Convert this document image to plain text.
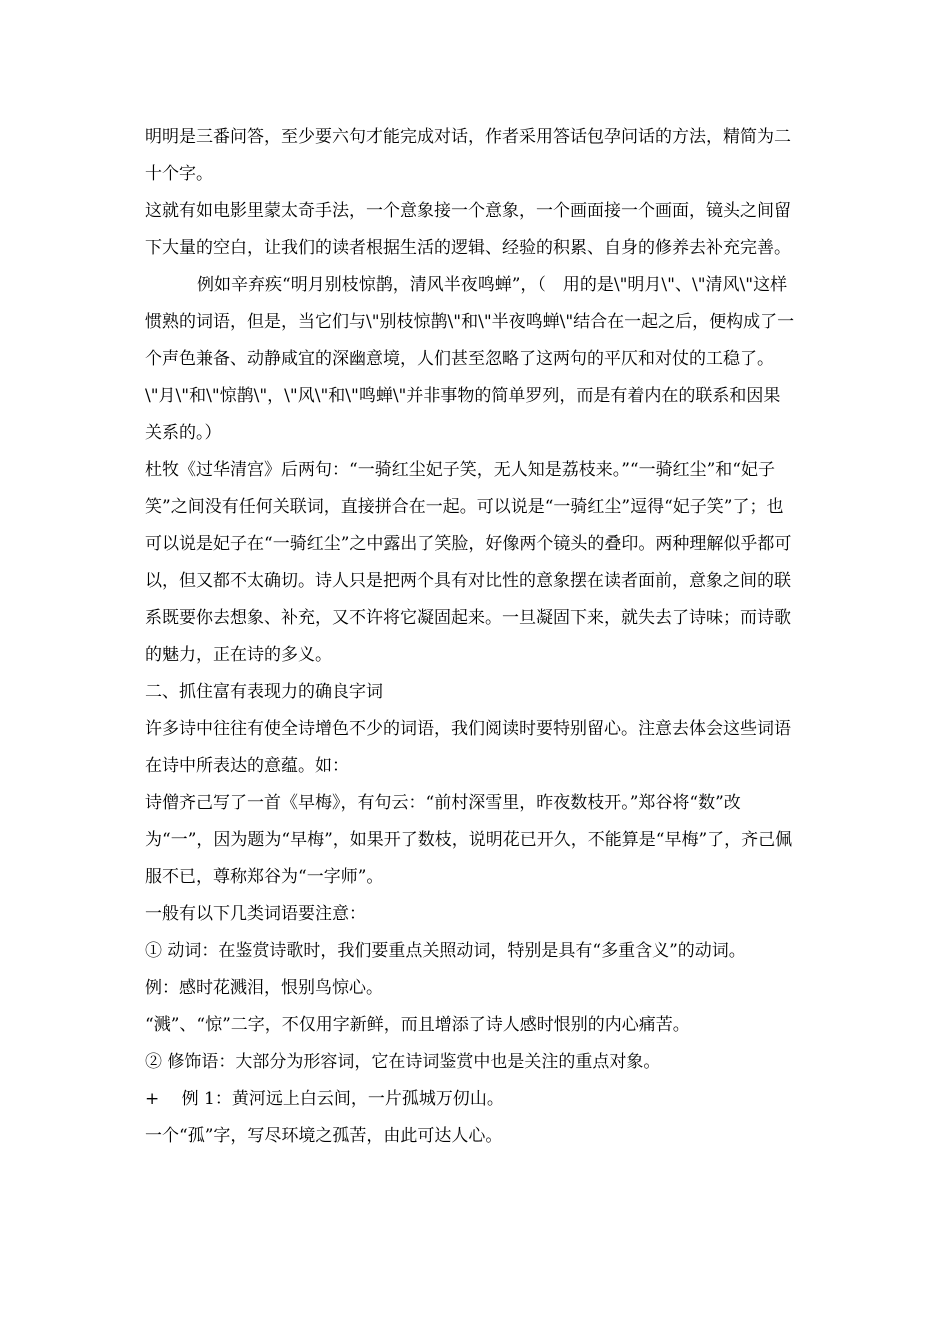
明明是三番问答，至少要六句才能完成对话，作者采用答话包孕问话的方法，精简为二十个字。

这就有如电影里蒙太奇手法，一个意象接一个意象，一个画面接一个画面，镜头之间留下大量的空白，让我们的读者根据生活的逻辑、经验的积累、自身的修养去补充完善。

例如辛弃疾“明月别枝惊鹊，清风半夜鸣蝉”，（　用的是\"明月\"、\"清风\"这样惯熟的词语，但是，当它们与\"别枝惊鹊\"和\"半夜鸣蝉\"结合在一起之后，便构成了一个声色兼备、动静咸宜的深幽意境，人们甚至忽略了这两句的平仄和对仗的工稳了。\"月\"和\"惊鹊\"，\"风\"和\"鸣蝉\"并非事物的简单罗列，而是有着内在的联系和因果关系的。）

杜牧《过华清宫》后两句：“一骑红尘妃子笑，无人知是荔枝来。”“一骑红尘”和“妃子笑”之间没有任何关联词，直接拼合在一起。可以说是“一骑红尘”逗得“妃子笑”了；也可以说是妃子在“一骑红尘”之中露出了笑脸，好像两个镜头的叠印。两种理解似乎都可以，但又都不太确切。诗人只是把两个具有对比性的意象摆在读者面前，意象之间的联系既要你去想象、补充，又不许将它凝固起来。一旦凝固下来，就失去了诗味；而诗歌的魅力，正在诗的多义。

二、抓住富有表现力的确良字词

许多诗中往往有使全诗增色不少的词语，我们阅读时要特别留心。注意去体会这些词语在诗中所表达的意蕴。如：

诗僧齐己写了一首《早梅》，有句云：“前村深雪里，昨夜数枝开。”郑谷将“数”改为“一”，因为题为“早梅”，如果开了数枝，说明花已开久，不能算是“早梅”了，齐己佩服不已，尊称郑谷为“一字师”。

一般有以下几类词语要注意：

① 动词：在鉴赏诗歌时，我们要重点关照动词，特别是具有“多重含义”的动词。

例：感时花溅泪，恨别鸟惊心。

“溅”、“惊”二字，不仅用字新鲜，而且增添了诗人感时恨别的内心痛苦。

② 修饰语：大部分为形容词，它在诗词鉴赏中也是关注的重点对象。

+　 例 1：黄河远上白云间，一片孤城万仞山。

一个“孤”字，写尽环境之孤苦，由此可达人心。
